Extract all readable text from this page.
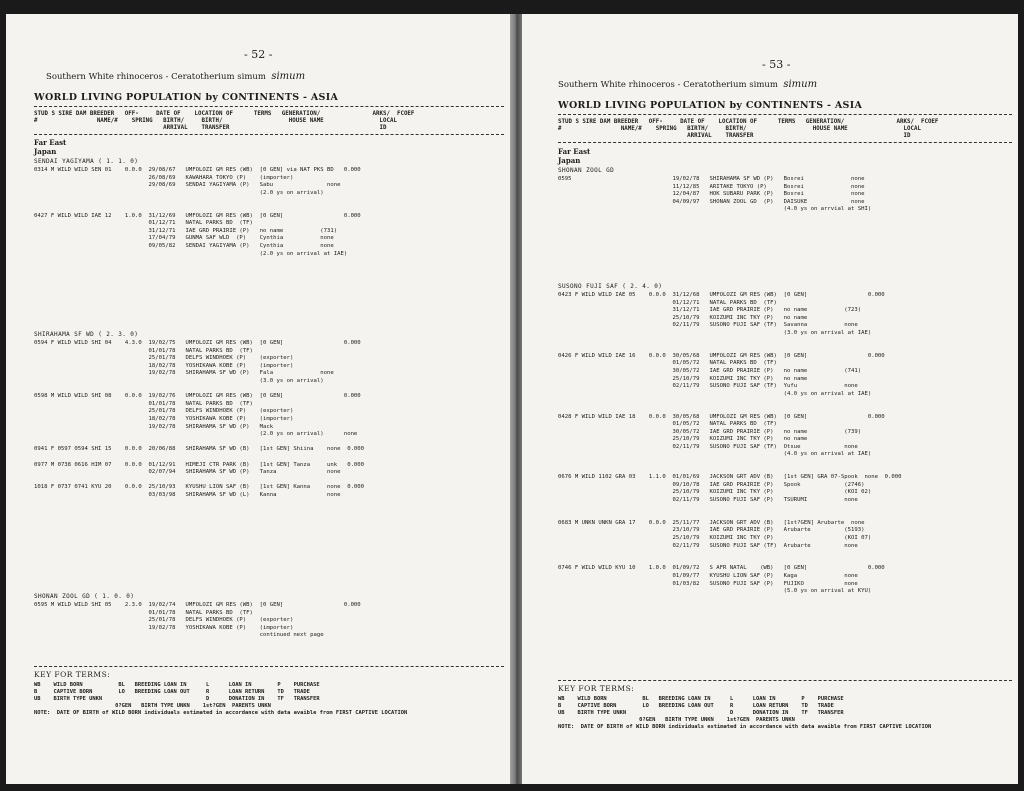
- 52 -
Southern White rhinoceros - Ceratotherium simum simum
WORLD LIVING POPULATION by CONTINENTS - ASIA
STUD S SIRE DAM BREEDER   OFF-     DATE OF    LOCATION OF      TERMS   GENERATION/               ARKS/  FCOEF
#                 NAME/#    SPRING   BIRTH/     BIRTH/                   HOUSE NAME                LOCAL
ARRIVAL    TRANSFER                                           ID
Far East
Japan
SENDAI YAGIYAMA ( 1. 1. 0)
0314 M WILD WILD SEN 01    0.0.0  29/08/67   UMFOLOZI GM RES (WB)  [0 GEN] via NAT PKS BD   0.000
26/08/69   KAWAHARA TOKYO (P)    (importer)
29/08/69   SENDAI YAGIYAMA (P)   Sabu                none
(2.0 ys on arrival)

0427 F WILD WILD IAE 12    1.0.0  31/12/69   UMFOLOZI GM RES (WB)  [0 GEN]                  0.000
01/12/71   NATAL PARKS BD  (TF)
31/12/71   IAE GRD PRAIRIE (P)   no name           (731)
17/04/79   GUNMA SAF WLD  (P)    Cynthia           none
09/05/82   SENDAI YAGIYAMA (P)   Cynthia           none
(2.0 ys on arrival at IAE)
SHIRAHAMA SF WD ( 2. 3. 0)
0594 F WILD WILD SHI 04    4.3.0  19/02/75   UMFOLOZI GM RES (WB)  [0 GEN]                  0.000
01/01/78   NATAL PARKS BD  (TF)
25/01/78   DELFS WINDHOEK (P)    (exporter)
18/02/78   YOSHIKAWA KOBE (P)    (importer)
19/02/78   SHIRAHAMA SF WD (P)   Fala              none
(3.0 ys on arrival)

0598 M WILD WILD SHI 08    0.0.0  19/02/76   UMFOLOZI GM RES (WB)  [0 GEN]                  0.000
01/01/78   NATAL PARKS BD  (TF)
25/01/78   DELFS WINDHOEK (P)    (exporter)
18/02/78   YOSHIKAWA KOBE (P)    (importer)
19/02/78   SHIRAHAMA SF WD (P)   Mack
(2.0 ys on arrival)      none

0941 F 0597 0594 SHI 15    0.0.0  20/06/88   SHIRAHAMA SF WD (B)   [1st GEN] Shiina    none  0.000

0977 M 0738 0616 HIM 07    0.0.0  01/12/91   HIMEJI CTR PARK (B)   [1st GEN] Tanza     unk   0.000
02/07/94   SHIRAHAMA SF WD (P)   Tanza               none

1018 F 0737 0741 KYU 20    0.0.0  25/10/93   KYUSHU LION SAF (B)   [1st GEN] Kanna     none  0.000
03/03/98   SHIRAHAMA SF WD (L)   Kanna               none
SHONAN ZOOL GD ( 1. 0. 0)
0595 M WILD WILD SHI 05    2.3.0  19/02/74   UMFOLOZI GM RES (WB)  [0 GEN]                  0.000
01/01/78   NATAL PARKS BD  (TF)
25/01/78   DELFS WINDHOEK (P)    (exporter)
19/02/78   YOSHIKAWA KOBE (P)    (importer)
continued next page
KEY FOR TERMS:
WB    WILD BORN           BL   BREEDING LOAN IN      L      LOAN IN        P    PURCHASE
B     CAPTIVE BORN        LO   BREEDING LOAN OUT     R      LOAN RETURN    TD   TRADE
UB    BIRTH TYPE UNKN                                D      DONATION IN    TF   TRANSFER
0?GEN   BIRTH TYPE UNKN    1st?GEN  PARENTS UNKN
NOTE:  DATE OF BIRTH of WILD BORN individuals estimated in accordance with data avaible from FIRST CAPTIVE LOCATION
- 53 -
Southern White rhinoceros - Ceratotherium simum simum
WORLD LIVING POPULATION by CONTINENTS - ASIA
STUD S SIRE DAM BREEDER   OFF-     DATE OF    LOCATION OF      TERMS   GENERATION/               ARKS/  FCOEF
#                 NAME/#    SPRING   BIRTH/     BIRTH/                   HOUSE NAME                LOCAL
ARRIVAL    TRANSFER                                           ID
Far East
Japan
SHONAN ZOOL GD
0595                              19/02/78   SHIRAHAMA SF WD (P)   Bosrei              none
11/12/85   ARITAKE TOKYO (P)     Bosrei              none
12/04/87   HOK SUBARU PARK (P)   Bosrei              none
04/09/97   SHONAN ZOOL GD  (P)   DAISUKE             none
(4.0 ys on arrvial at SHI)
SUSONO FUJI SAF ( 2. 4. 0)
0423 F WILD WILD IAE 05    0.0.0  31/12/68   UMFOLOZI GM RES (WB)  [0 GEN]                  0.000
01/12/71   NATAL PARKS BD  (TF)
31/12/71   IAE GRD PRAIRIE (P)   no name           (723)
25/10/79   KOIZUMI INC TKY (P)   no name
02/11/79   SUSONO FUJI SAF (TF)  Savanna           none
(3.0 ys on arrival at IAE)

0426 F WILD WILD IAE 16    0.0.0  30/05/68   UMFOLOZI GM RES (WB)  [0 GEN]                  0.000
01/05/72   NATAL PARKS BD  (TF)
30/05/72   IAE GRD PRAIRIE (P)   no name           (741)
25/10/79   KOIZUMI INC TKY (P)   no name
02/11/79   SUSONO FUJI SAF (TF)  Yufu              none
(4.0 ys on arrival at IAE)

0428 F WILD WILD IAE 18    0.0.0  30/05/68   UMFOLOZI GM RES (WB)  [0 GEN]                  0.000
01/05/72   NATAL PARKS BD  (TF)
30/05/72   IAE GRD PRAIRIE (P)   no name           (739)
25/10/79   KOIZUMI INC TKY (P)   no name
02/11/79   SUSONO FUJI SAF (TF)  Otsue             none
(4.0 ys on arrival at IAE)

0676 M WILD 1102 GRA 03    1.1.0  01/01/69   JACKSON GRT ADV (B)   [1st GEN] GRA 07-Spook  none  0.000
09/10/78   IAE GRD PRAIRIE (P)   Spook             (2746)
25/10/79   KOIZUMI INC TKY (P)                     (KOI 02)
02/11/79   SUSONO FUJI SAF (P)   TSURUMI           none

0683 M UNKN UNKN GRA 17    0.0.0  25/11/77   JACKSON GRT ADV (B)   [1st?GEN] Arubarte  none
23/10/79   IAE GRD PRAIRIE (P)   Arubarte          (5193)
25/10/79   KOIZUMI INC TKY (P)                     (KOI 07)
02/11/79   SUSONO FUJI SAF (TF)  Arubarte          none

0746 F WILD WILD KYU 10    1.0.0  01/09/72   S AFR NATAL    (WB)   [0 GEN]                  0.000
01/09/77   KYUSHU LION SAF (P)   Kaga              none
01/03/82   SUSONO FUJI SAF (P)   FUJIKO            none
(5.0 ys on arrival at KYU)
KEY FOR TERMS:
WB    WILD BORN           BL   BREEDING LOAN IN      L      LOAN IN        P    PURCHASE
B     CAPTIVE BORN        LO   BREEDING LOAN OUT     R      LOAN RETURN    TD   TRADE
UB    BIRTH TYPE UNKN                                D      DONATION IN    TF   TRANSFER
0?GEN   BIRTH TYPE UNKN    1st?GEN  PARENTS UNKN
NOTE:  DATE OF BIRTH of WILD BORN individuals estimated in accordance with data avaible from FIRST CAPTIVE LOCATION
